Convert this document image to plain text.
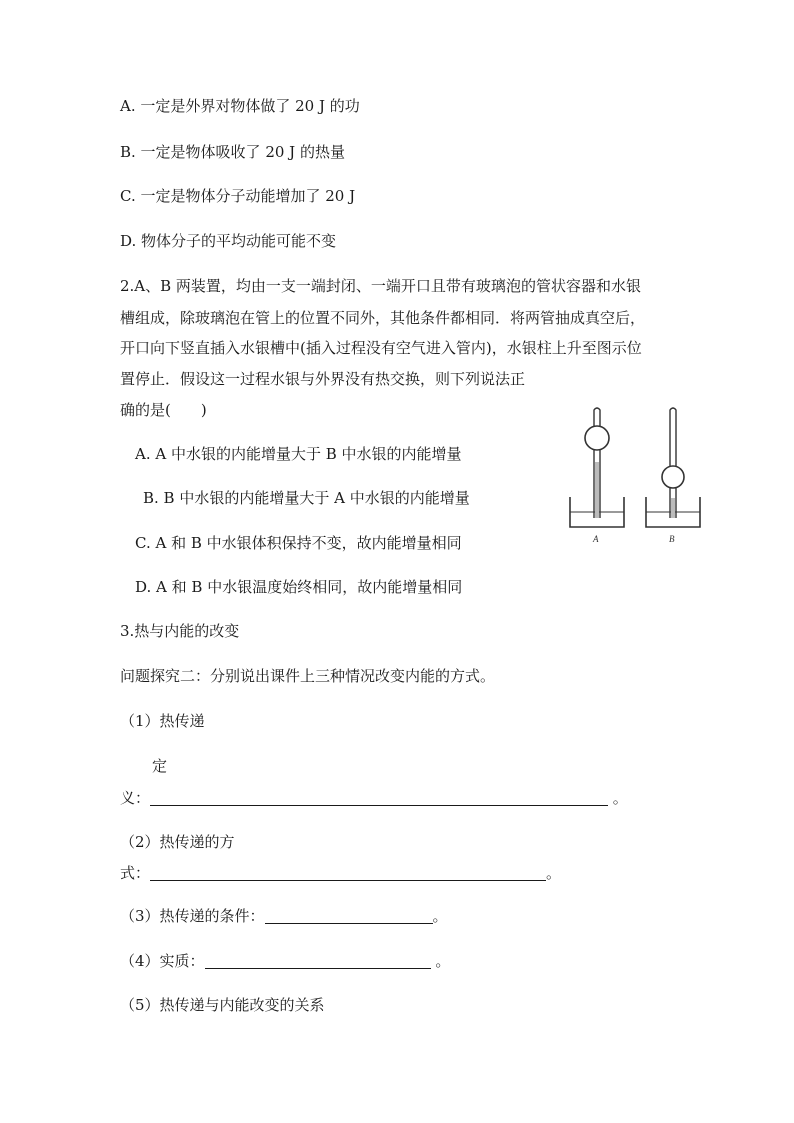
A. 一定是外界对物体做了 20 J 的功
B. 一定是物体吸收了 20 J 的热量
C. 一定是物体分子动能增加了 20 J
D. 物体分子的平均动能可能不变
2.A、B 两装置，均由一支一端封闭、一端开口且带有玻璃泡的管状容器和水银
槽组成，除玻璃泡在管上的位置不同外，其他条件都相同．将两管抽成真空后，
开口向下竖直插入水银槽中(插入过程没有空气进入管内)，水银柱上升至图示位
置停止．假设这一过程水银与外界没有热交换，则下列说法正
确的是(　　)
A. A 中水银的内能增量大于 B 中水银的内能增量
B. B 中水银的内能增量大于 A 中水银的内能增量
C. A 和 B 中水银体积保持不变，故内能增量相同
D. A 和 B 中水银温度始终相同，故内能增量相同
A	B
3.热与内能的改变
问题探究二：分别说出课件上三种情况改变内能的方式。
（1）热传递
定
义：	。
（2）热传递的方
式：	。
（3）热传递的条件：	。
（4）实质：	。
（5）热传递与内能改变的关系
